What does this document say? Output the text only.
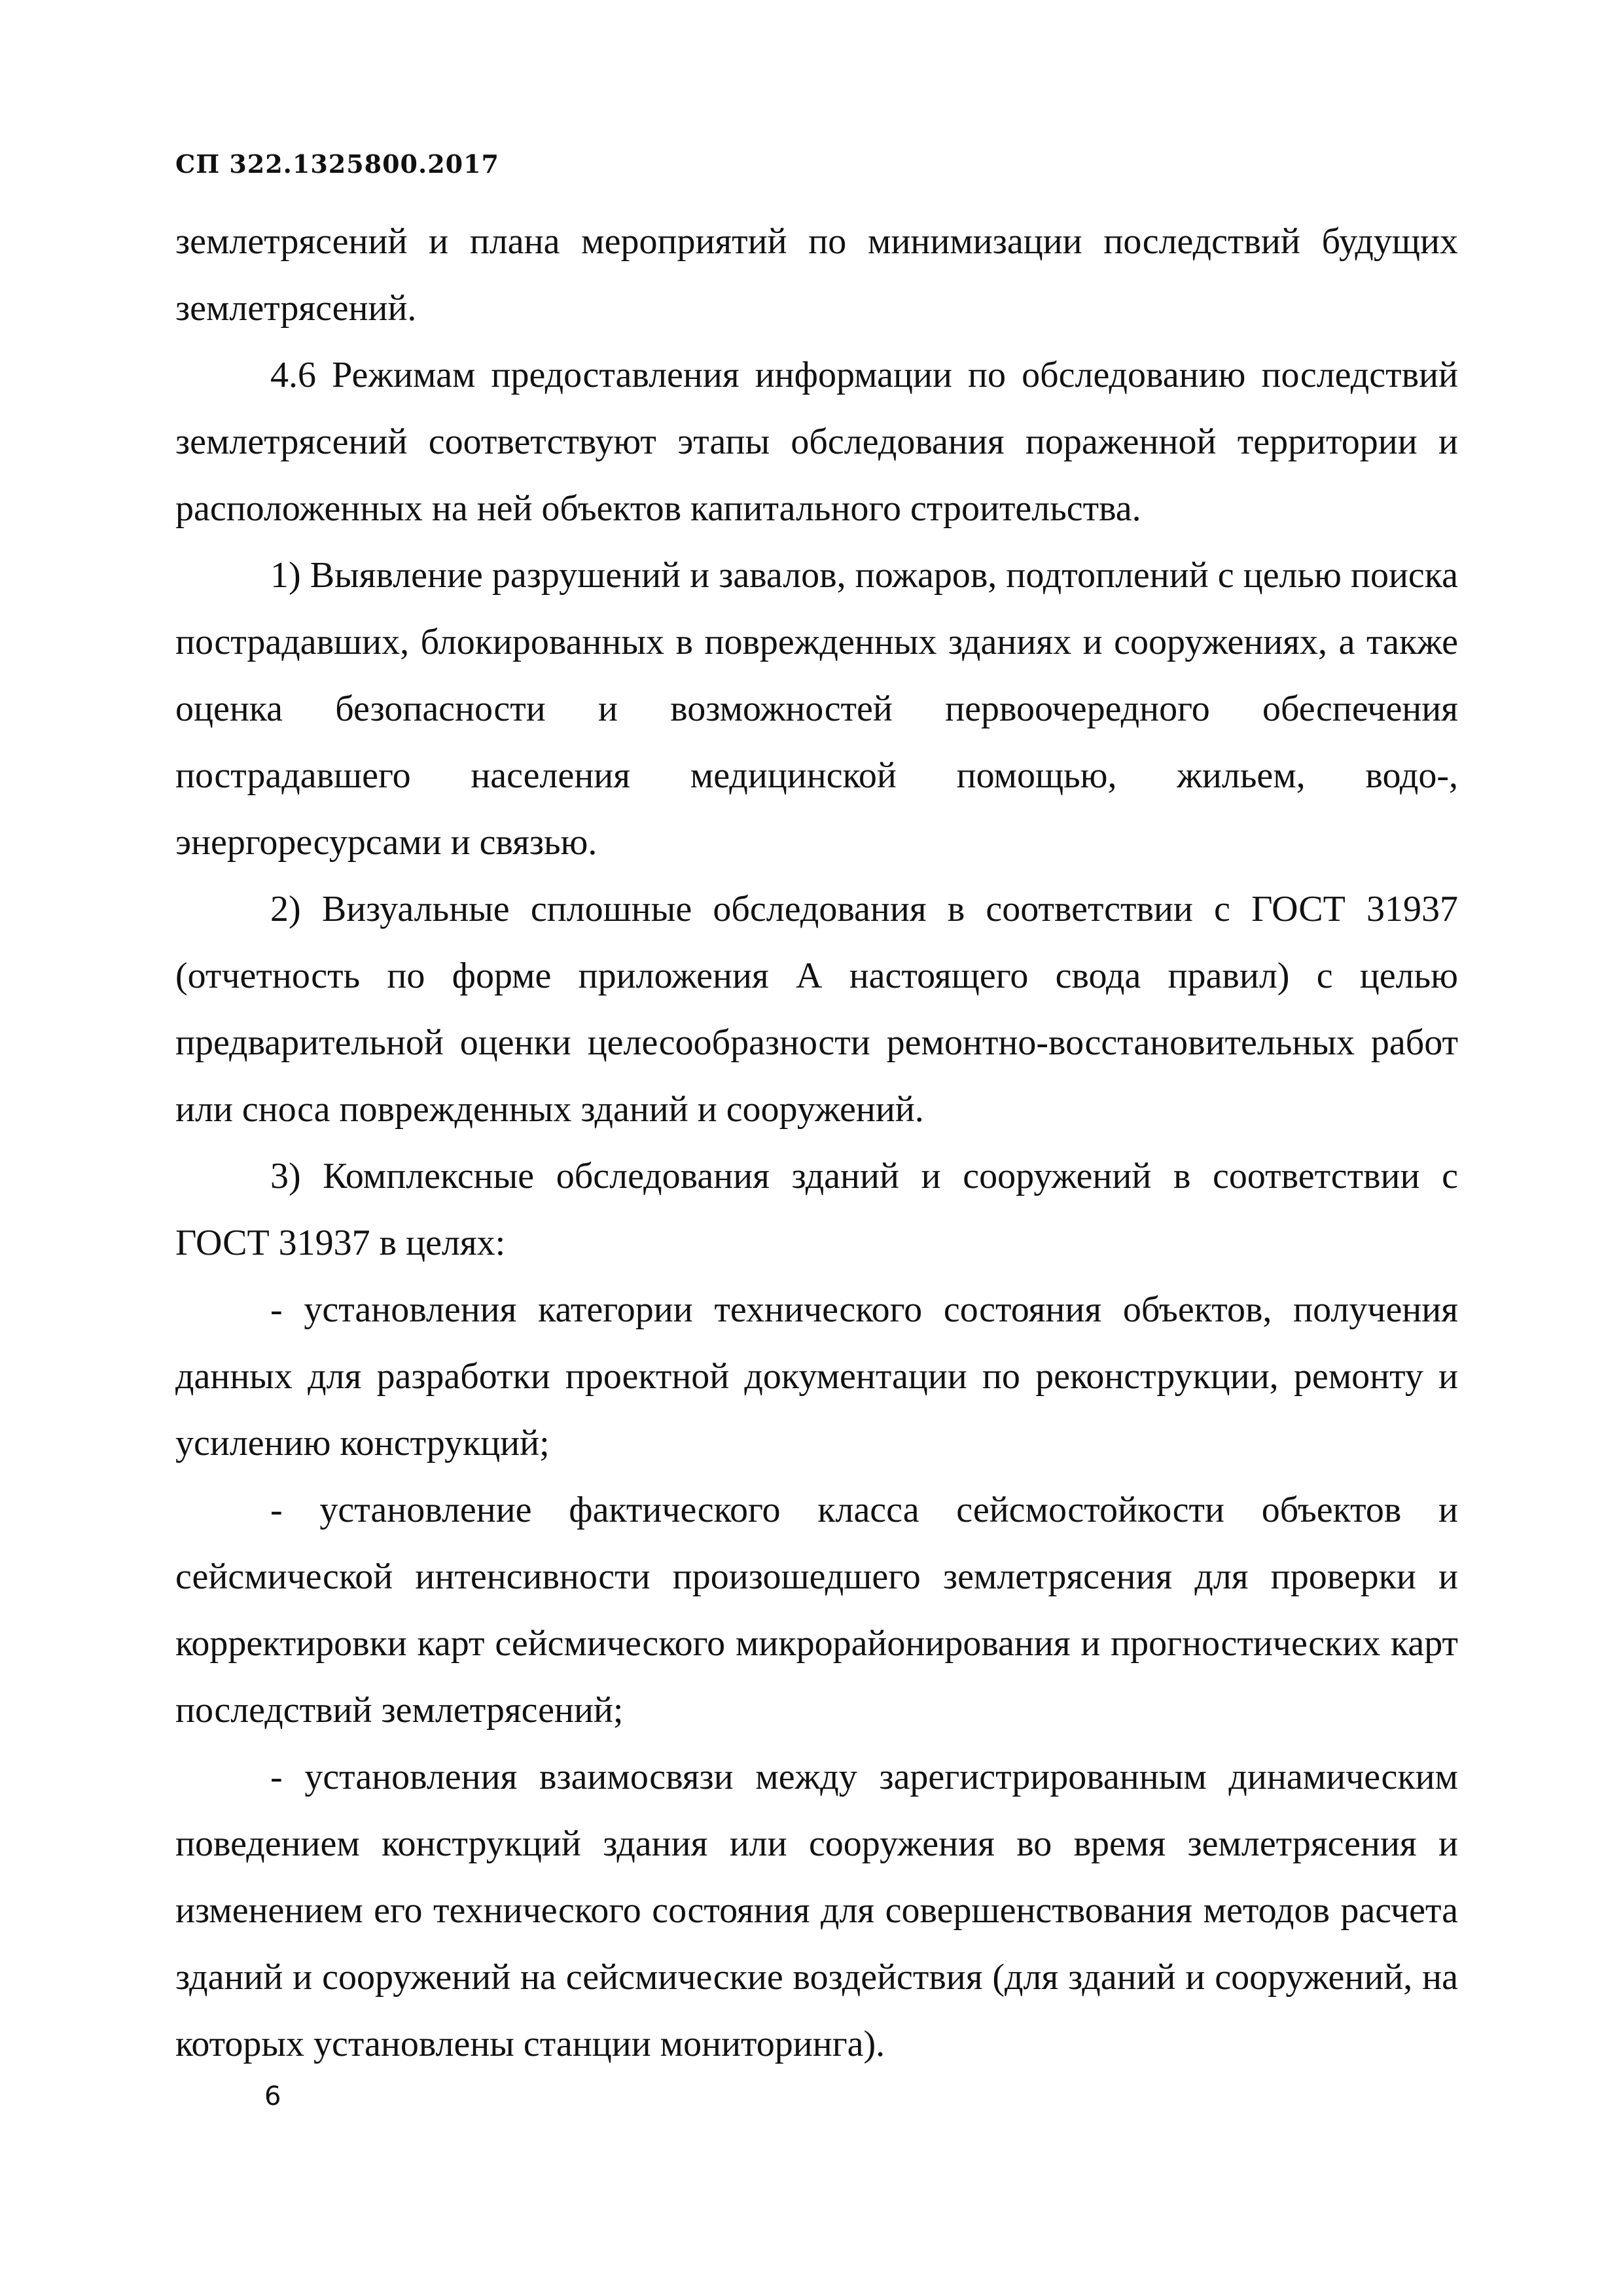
СП 322.1325800.2017

землетрясений и плана мероприятий по минимизации последствий будущих землетрясений.

4.6 Режимам предоставления информации по обследованию последствий землетрясений соответствуют этапы обследования пораженной территории и расположенных на ней объектов капитального строительства.

1) Выявление разрушений и завалов, пожаров, подтоплений с целью поиска пострадавших, блокированных в поврежденных зданиях и сооружениях, а также оценка безопасности и возможностей первоочередного обеспечения пострадавшего населения медицинской помощью, жильем, водо-, энергоресурсами и связью.

2) Визуальные сплошные обследования в соответствии с ГОСТ 31937 (отчетность по форме приложения А настоящего свода правил) с целью предварительной оценки целесообразности ремонтно-восстановительных работ или сноса поврежденных зданий и сооружений.

3) Комплексные обследования зданий и сооружений в соответствии с ГОСТ 31937 в целях:

- установления категории технического состояния объектов, получения данных для разработки проектной документации по реконструкции, ремонту и усилению конструкций;

- установление фактического класса сейсмостойкости объектов и сейсмической интенсивности произошедшего землетрясения для проверки и корректировки карт сейсмического микрорайонирования и прогностических карт последствий землетрясений;

- установления взаимосвязи между зарегистрированным динамическим поведением конструкций здания или сооружения во время землетрясения и изменением его технического состояния для совершенствования методов расчета зданий и сооружений на сейсмические воздействия (для зданий и сооружений, на которых установлены станции мониторинга).

6
